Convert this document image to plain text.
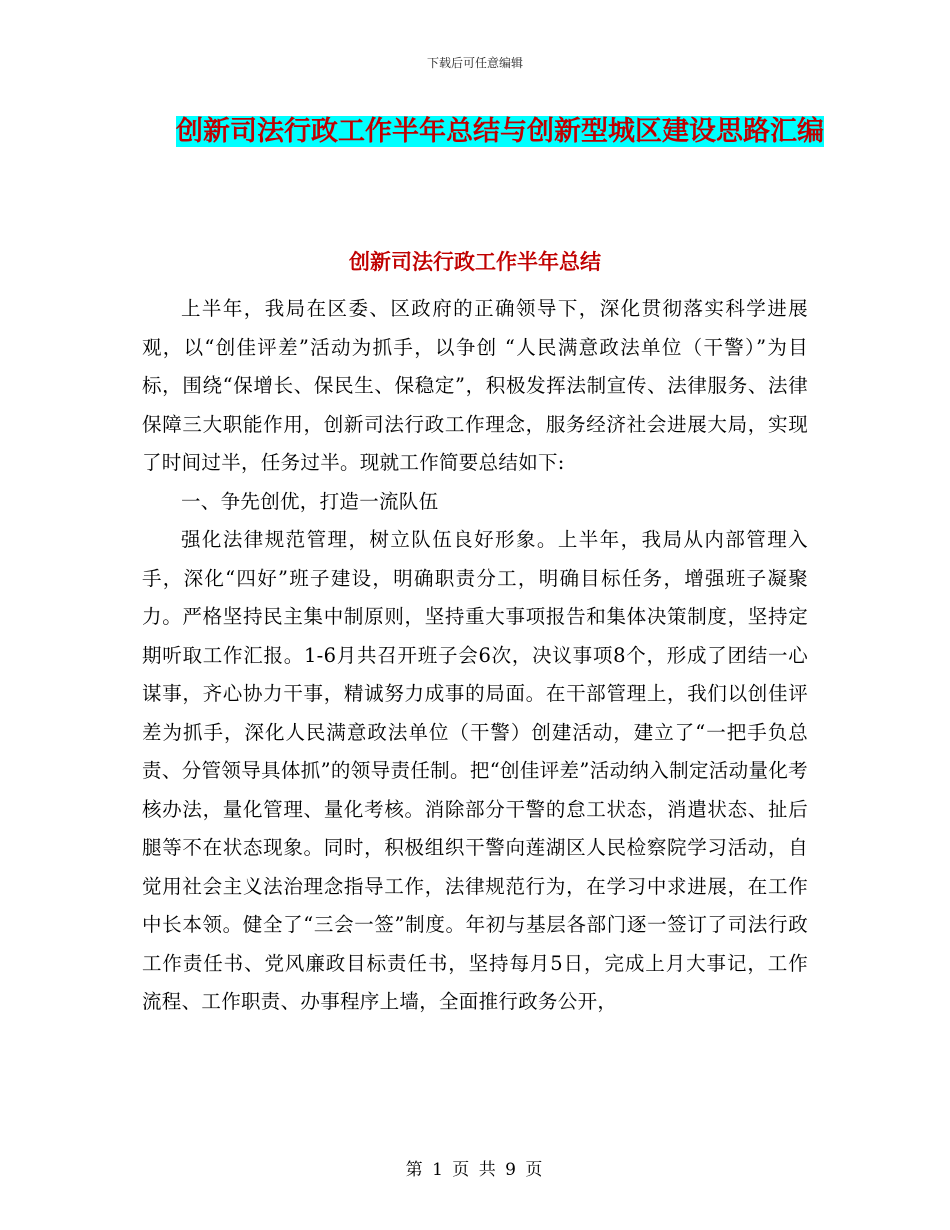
下载后可任意编辑
创新司法行政工作半年总结与创新型城区建设思路汇编
创新司法行政工作半年总结

上半年，我局在区委、区政府的正确领导下，深化贯彻落实科学进展观，以“创佳评差”活动为抓手，以争创 “人民满意政法单位（干警）”为目标，围绕“保增长、保民生、保稳定”，积极发挥法制宣传、法律服务、法律保障三大职能作用，创新司法行政工作理念，服务经济社会进展大局，实现了时间过半，任务过半。现就工作简要总结如下:

一、争先创优，打造一流队伍

强化法律规范管理，树立队伍良好形象。上半年，我局从内部管理入手，深化“四好”班子建设，明确职责分工，明确目标任务，增强班子凝聚力。严格坚持民主集中制原则，坚持重大事项报告和集体决策制度，坚持定期听取工作汇报。1-6月共召开班子会6次，决议事项8个，形成了团结一心谋事，齐心协力干事，精诚努力成事的局面。在干部管理上，我们以创佳评差为抓手，深化人民满意政法单位（干警）创建活动，建立了“一把手负总责、分管领导具体抓”的领导责任制。把“创佳评差”活动纳入制定活动量化考核办法，量化管理、量化考核。消除部分干警的怠工状态，消遣状态、扯后腿等不在状态现象。同时，积极组织干警向莲湖区人民检察院学习活动，自觉用社会主义法治理念指导工作，法律规范行为，在学习中求进展，在工作中长本领。健全了“三会一签”制度。年初与基层各部门逐一签订了司法行政工作责任书、党风廉政目标责任书，坚持每月5日，完成上月大事记，工作流程、工作职责、办事程序上墙，全面推行政务公开，

第 1 页 共 9 页
